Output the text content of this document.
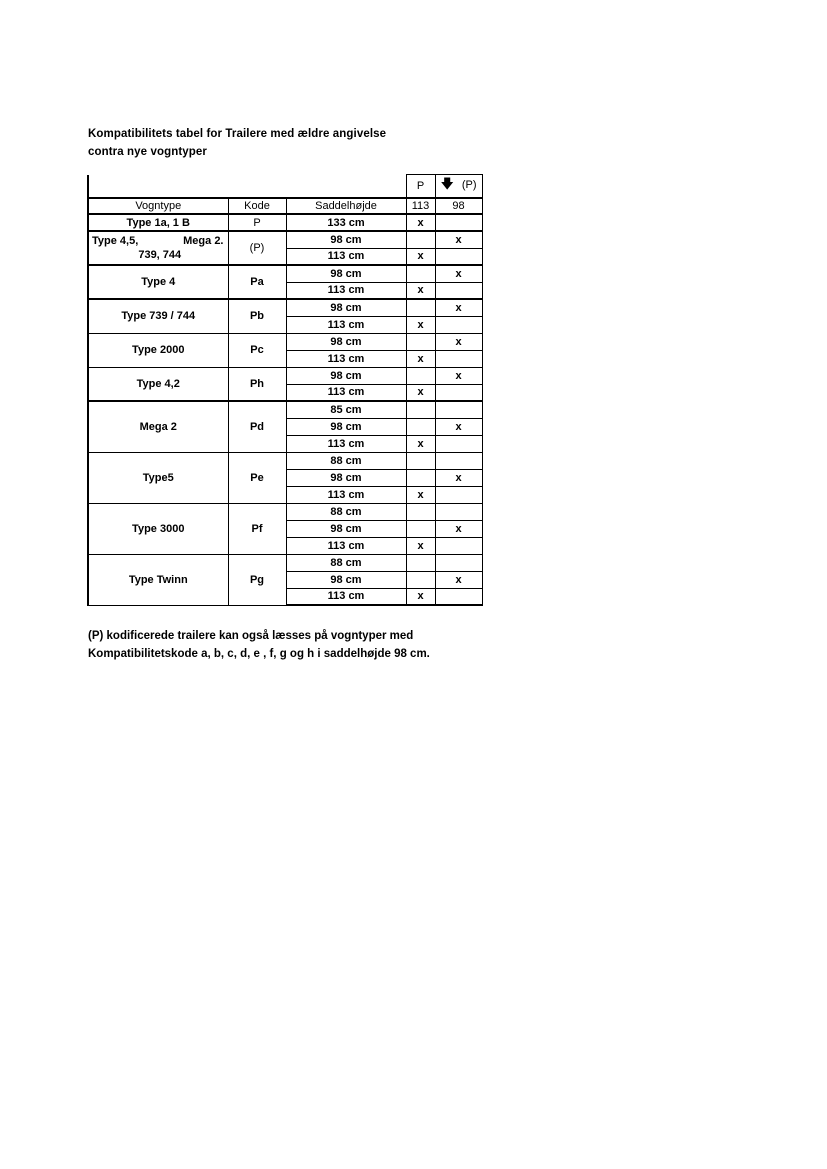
Kompatibilitets tabel for Trailere med ældre angivelse
contra nye vogntyper
			P	🡇 (P)
Vogntype	Kode	Saddelhøjde	113	98
Type 1a, 1 B	P	133 cm	x	

Type 4,5, Mega 2.
739, 744	(P)	98 cm		x
		113 cm	x	
Type 4	Pa	98 cm		x
		113 cm	x	
Type 739 / 744	Pb	98 cm		x
		113 cm	x	
Type 2000	Pc	98 cm		x
		113 cm	x	
Type 4,2	Ph	98 cm		x
		113 cm	x	
Mega 2	Pd	85 cm		
		98 cm		x
		113 cm	x	
Type5	Pe	88 cm		
		98 cm		x
		113 cm	x	
Type 3000	Pf	88 cm		
		98 cm		x
		113 cm	x	
Type Twinn	Pg	88 cm		
		98 cm		x
		113 cm	x	
(P) kodificerede trailere kan også læsses på vogntyper med
Kompatibilitetskode a, b, c, d, e , f, g og h i saddelhøjde 98 cm.
